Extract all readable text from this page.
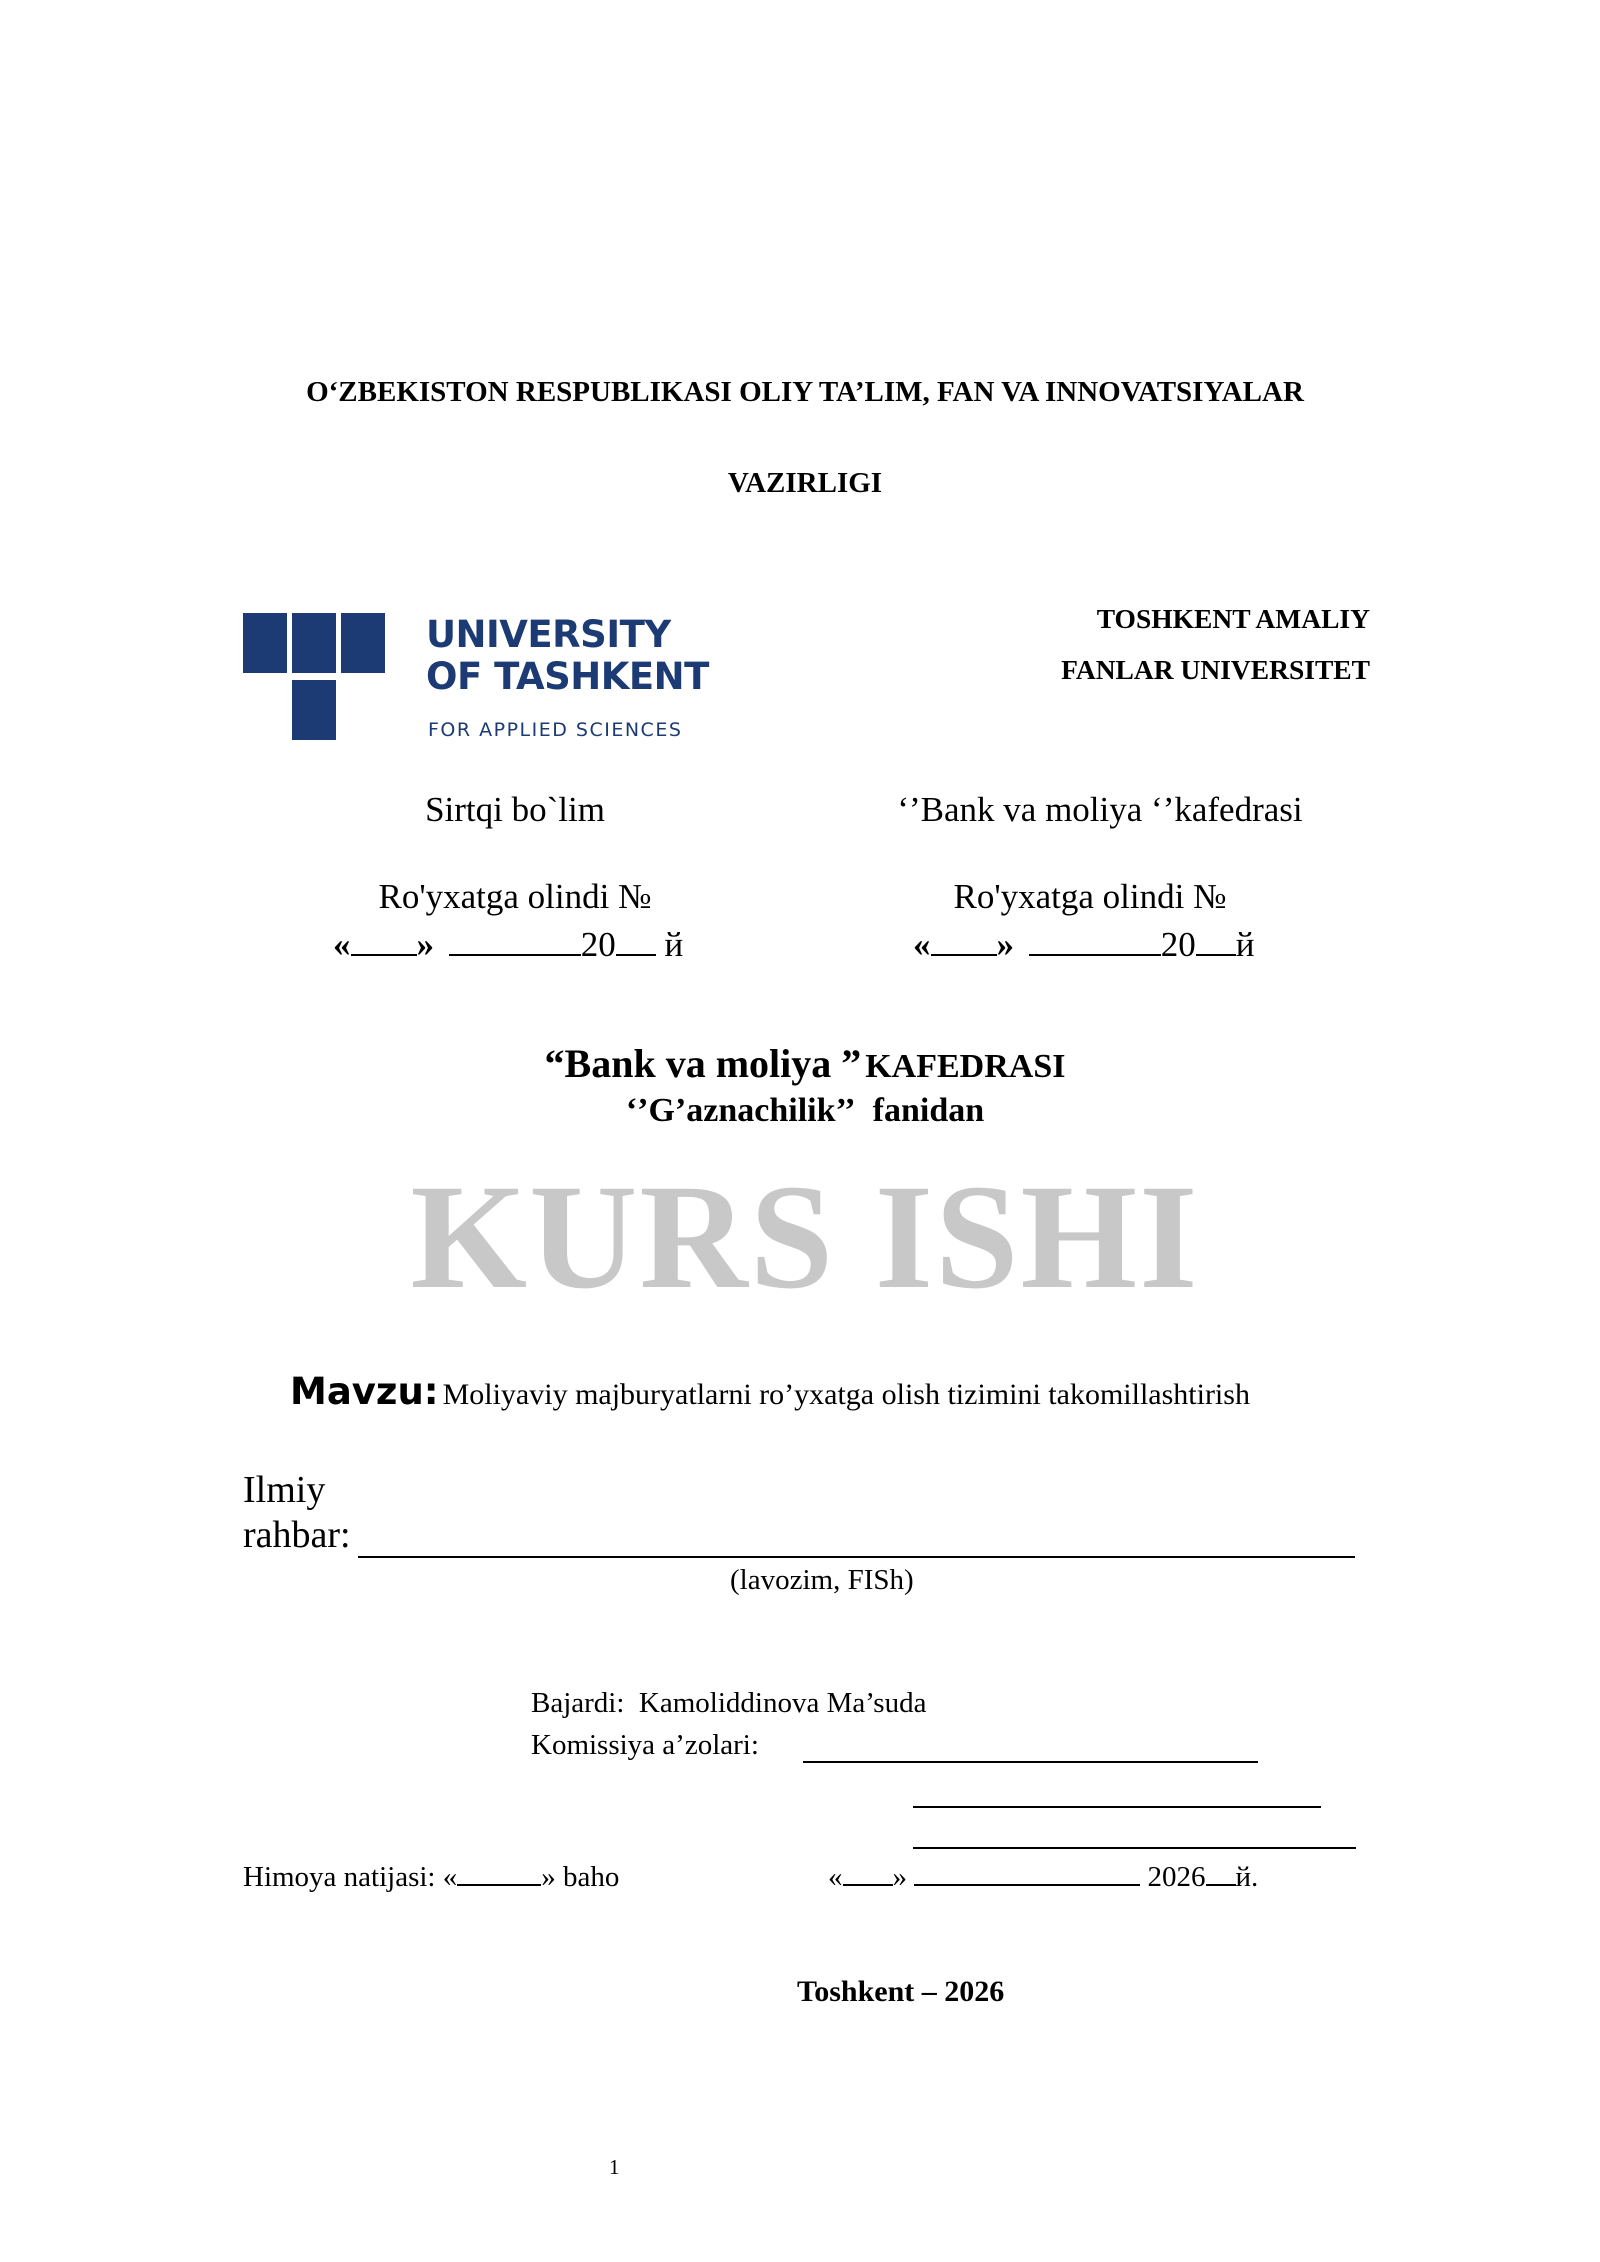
O‘ZBEKISTON RESPUBLIKASI OLIY TA’LIM, FAN VA INNOVATSIYALAR
VAZIRLIGI
UNIVERSITY
OF TASHKENT
FOR APPLIED SCIENCES
TOSHKENT AMALIY
FANLAR UNIVERSITET
Sirtqi bo`lim	‘’Bank va moliya ‘’kafedrasi
Ro'yxatga olindi №
« »	20 й
Ro'yxatga olindi №
« »	20 й
“Bank va moliya ” KAFEDRASI
‘’G’aznachilik’’ fanidan
KURS ISHI
Mavzu: Moliyaviy majburyatlarni ro’yxatga olish tizimini takomillashtirish
Ilmiy
rahbar:
(lavozim, FISh)
Bajardi: Kamoliddinova Ma’suda
Komissiya a’zolari:
Himoya natijasi: «	» baho	« »	2026 й.
Toshkent – 2026
1
